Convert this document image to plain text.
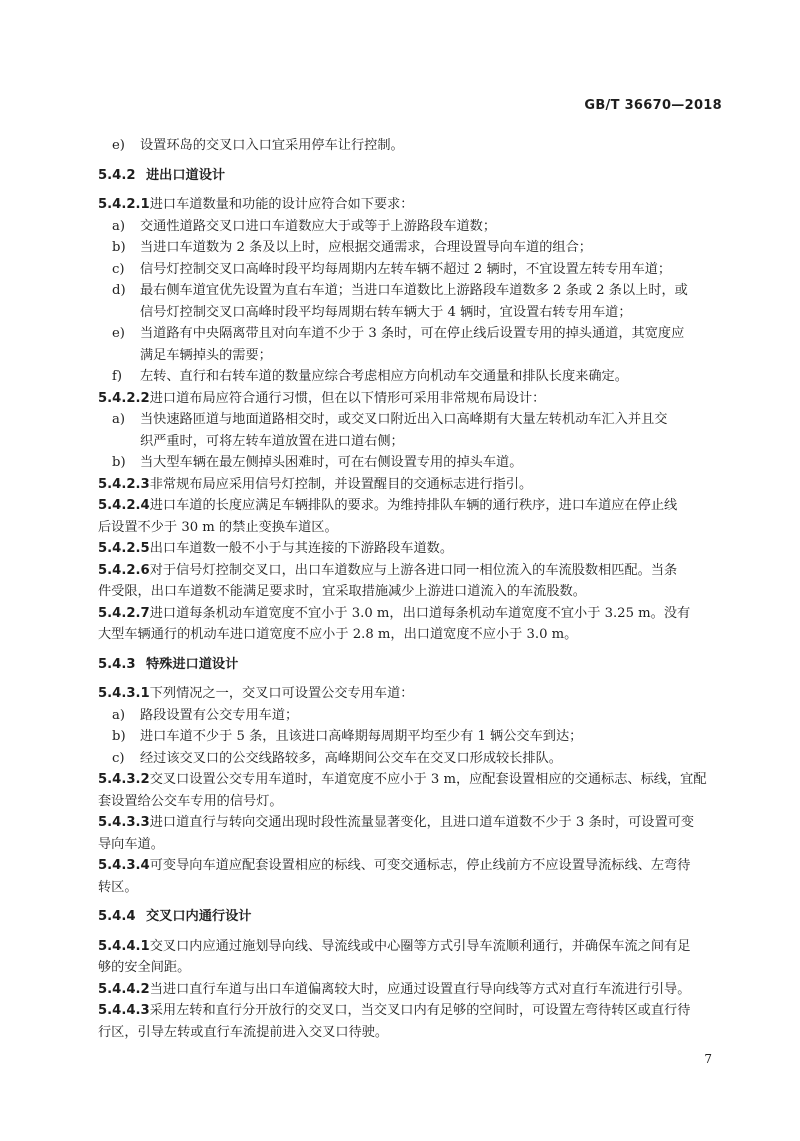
GB/T 36670—2018
e) 设置环岛的交叉口入口宜采用停车让行控制。
5.4.2 进出口道设计
5.4.2.1进口车道数量和功能的设计应符合如下要求：
a) 交通性道路交叉口进口车道数应大于或等于上游路段车道数；
b) 当进口车道数为 2 条及以上时，应根据交通需求，合理设置导向车道的组合；
c) 信号灯控制交叉口高峰时段平均每周期内左转车辆不超过 2 辆时，不宜设置左转专用车道；
d) 最右侧车道宜优先设置为直右车道；当进口车道数比上游路段车道数多 2 条或 2 条以上时，或
信号灯控制交叉口高峰时段平均每周期右转车辆大于 4 辆时，宜设置右转专用车道；
e) 当道路有中央隔离带且对向车道不少于 3 条时，可在停止线后设置专用的掉头通道，其宽度应
满足车辆掉头的需要；
f) 左转、直行和右转车道的数量应综合考虑相应方向机动车交通量和排队长度来确定。
5.4.2.2进口道布局应符合通行习惯，但在以下情形可采用非常规布局设计：
a) 当快速路匝道与地面道路相交时，或交叉口附近出入口高峰期有大量左转机动车汇入并且交
织严重时，可将左转车道放置在进口道右侧；
b) 当大型车辆在最左侧掉头困难时，可在右侧设置专用的掉头车道。
5.4.2.3非常规布局应采用信号灯控制，并设置醒目的交通标志进行指引。
5.4.2.4进口车道的长度应满足车辆排队的要求。为维持排队车辆的通行秩序，进口车道应在停止线
后设置不少于 30 m 的禁止变换车道区。
5.4.2.5出口车道数一般不小于与其连接的下游路段车道数。
5.4.2.6对于信号灯控制交叉口，出口车道数应与上游各进口同一相位流入的车流股数相匹配。当条
件受限，出口车道数不能满足要求时，宜采取措施减少上游进口道流入的车流股数。
5.4.2.7进口道每条机动车道宽度不宜小于 3.0 m，出口道每条机动车道宽度不宜小于 3.25 m。没有
大型车辆通行的机动车进口道宽度不应小于 2.8 m，出口道宽度不应小于 3.0 m。
5.4.3 特殊进口道设计
5.4.3.1下列情况之一，交叉口可设置公交专用车道：
a) 路段设置有公交专用车道；
b) 进口车道不少于 5 条，且该进口高峰期每周期平均至少有 1 辆公交车到达；
c) 经过该交叉口的公交线路较多，高峰期间公交车在交叉口形成较长排队。
5.4.3.2交叉口设置公交专用车道时，车道宽度不应小于 3 m，应配套设置相应的交通标志、标线，宜配
套设置给公交车专用的信号灯。
5.4.3.3进口道直行与转向交通出现时段性流量显著变化，且进口道车道数不少于 3 条时，可设置可变
导向车道。
5.4.3.4可变导向车道应配套设置相应的标线、可变交通标志，停止线前方不应设置导流标线、左弯待
转区。
5.4.4 交叉口内通行设计
5.4.4.1交叉口内应通过施划导向线、导流线或中心圈等方式引导车流顺利通行，并确保车流之间有足
够的安全间距。
5.4.4.2当进口直行车道与出口车道偏离较大时，应通过设置直行导向线等方式对直行车流进行引导。
5.4.4.3采用左转和直行分开放行的交叉口，当交叉口内有足够的空间时，可设置左弯待转区或直行待
行区，引导左转或直行车流提前进入交叉口待驶。
7
